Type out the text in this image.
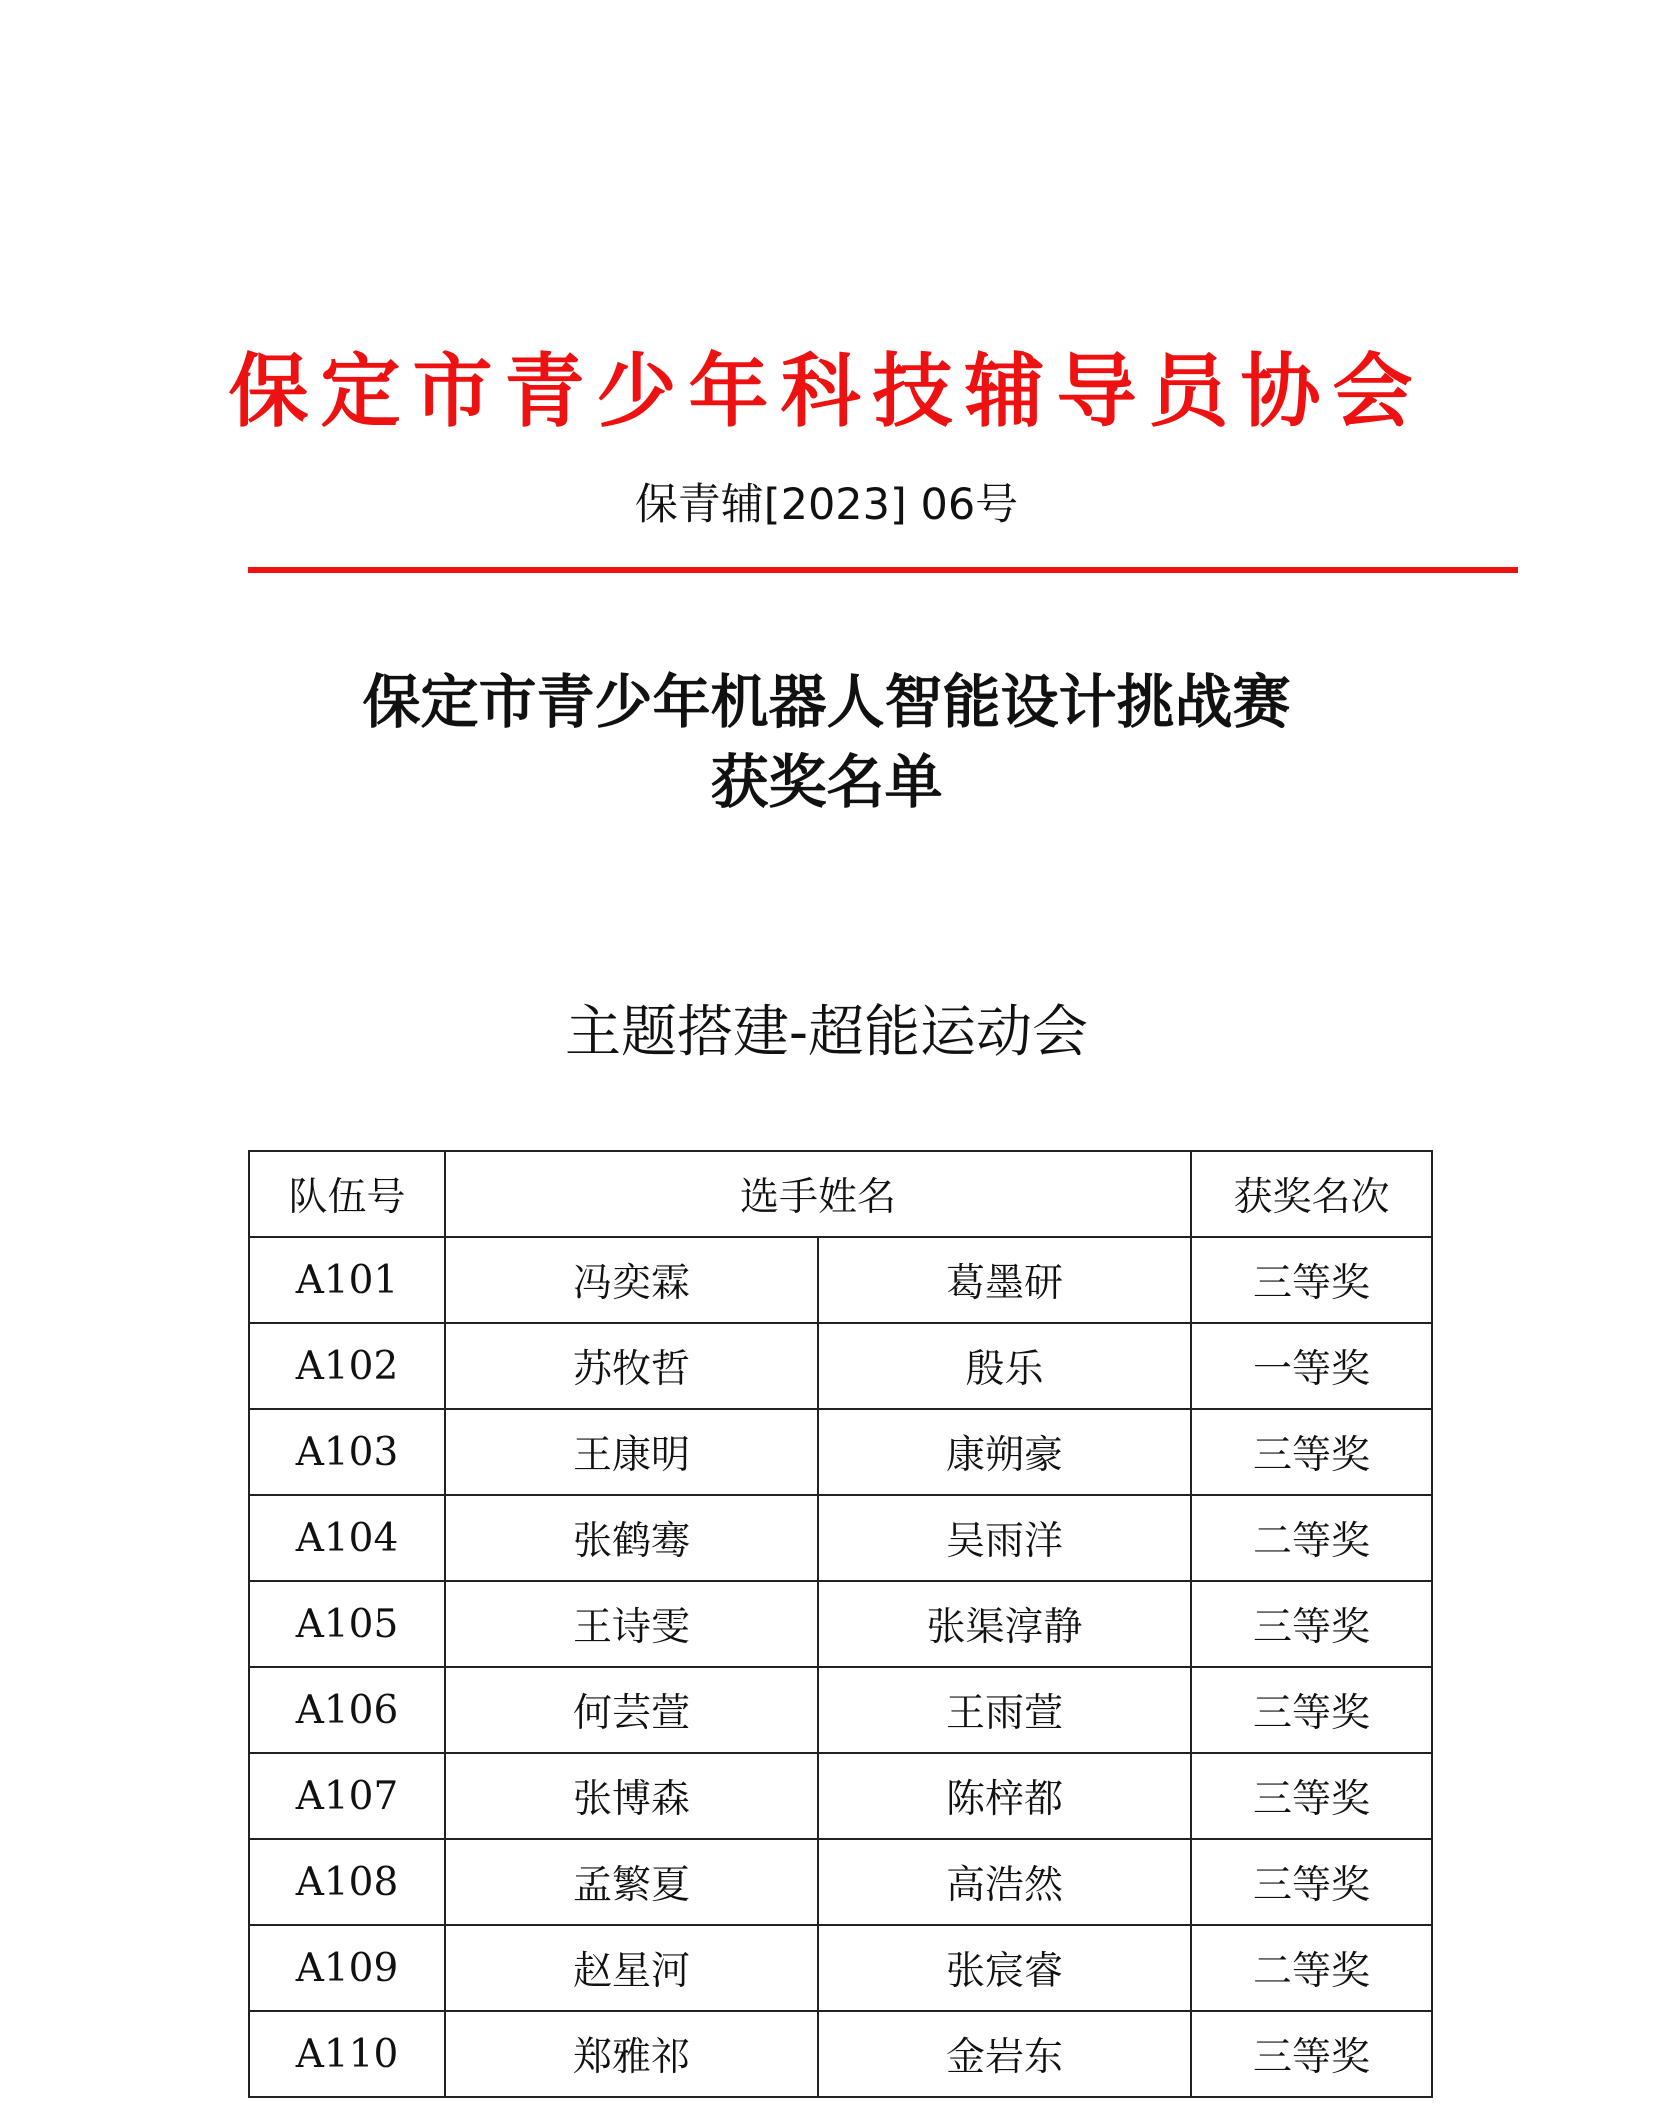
保定市青少年科技辅导员协会
保青辅[2023] 06号
保定市青少年机器人智能设计挑战赛
获奖名单
主题搭建-超能运动会
队伍号	选手姓名		获奖名次
A101	冯奕霖	葛墨研	三等奖
A102	苏牧哲	殷乐	一等奖
A103	王康明	康朔豪	三等奖
A104	张鹤骞	吴雨洋	二等奖
A105	王诗雯	张渠淳静	三等奖
A106	何芸萱	王雨萱	三等奖
A107	张博森	陈梓都	三等奖
A108	孟繁夏	高浩然	三等奖
A109	赵星河	张宸睿	二等奖
A110	郑雅祁	金岩东	三等奖
